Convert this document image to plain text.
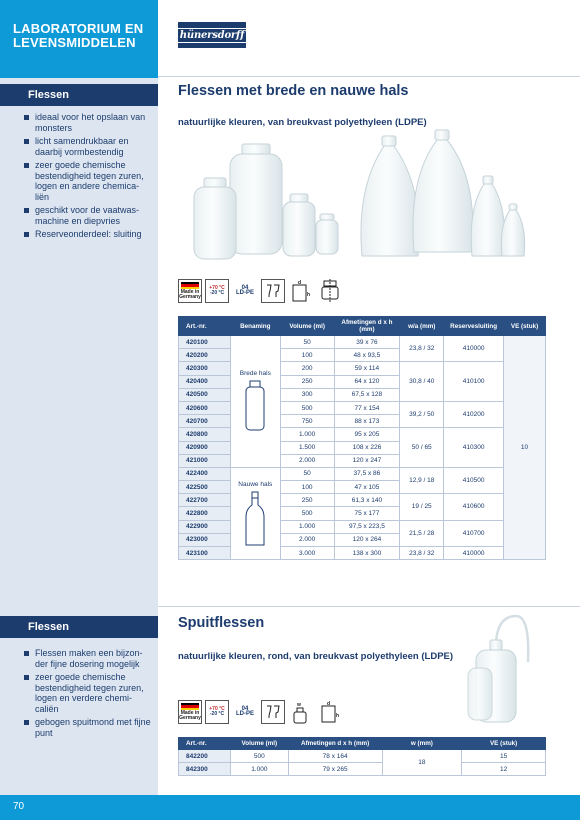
LABORATORIUM EN
LEVENSMIDDELEN
Flessen
ideaal voor het opslaan van monsters
licht samendrukbaar en daarbij vormbestendig
zeer goede chemische bestendigheid tegen zuren, logen en andere chemica-liën
geschikt voor de vaatwas-machine en diepvries
Reserveonderdeel: sluiting
Flessen
Flessen maken een bijzon-der fijne dosering mogelijk
zeer goede chemische bestendigheid tegen zuren, logen en verdere chemi-caliën
gebogen spuitmond met fijne punt
hünersdorff
Flessen met brede en nauwe hals
natuurlijke kleuren, van breukvast polyethyleen (LDPE)
Made in Germany
+70 °C
-20 °C
04
LD-PE
d
h
Art.-nr.	Benaming	Volume (ml)	Afmetingen d x h (mm)	w/a (mm)	Reservesluiting	VE (stuk)
420100	Brede hals	50	39 x 76	23,8 / 32	410000	10
420200		100	48 x 93,5			
420300		200	59 x 114	30,8 / 40	410100	
420400		250	64 x 120			
420500		300	67,5 x 128			
420600		500	77 x 154	39,2 / 50	410200	
420700		750	88 x 173			
420800		1.000	95 x 205	50 / 65	410300	
420900		1.500	108 x 226			
421000		2.000	120 x 247			
422400	Nauwe hals	50	37,5 x 86	12,9 / 18	410500	
422500		100	47 x 105			
422700		250	61,3 x 140	19 / 25	410600	
422800		500	75 x 177			
422900		1.000	97,5 x 223,5	21,5 / 28	410700	
423000		2.000	120 x 264			
423100		3.000	138 x 300	23,8 / 32	410000	
Spuitflessen
natuurlijke kleuren, rond, van breukvast polyethyleen (LDPE)
Made in Germany
+70 °C
-20 °C
04
LD-PE
w	d
h
Art.-nr.	Volume (ml)	Afmetingen d x h (mm)	w (mm)	VE (stuk)
842200	500	78 x 164	18	15
842300	1.000	79 x 265		12
70
